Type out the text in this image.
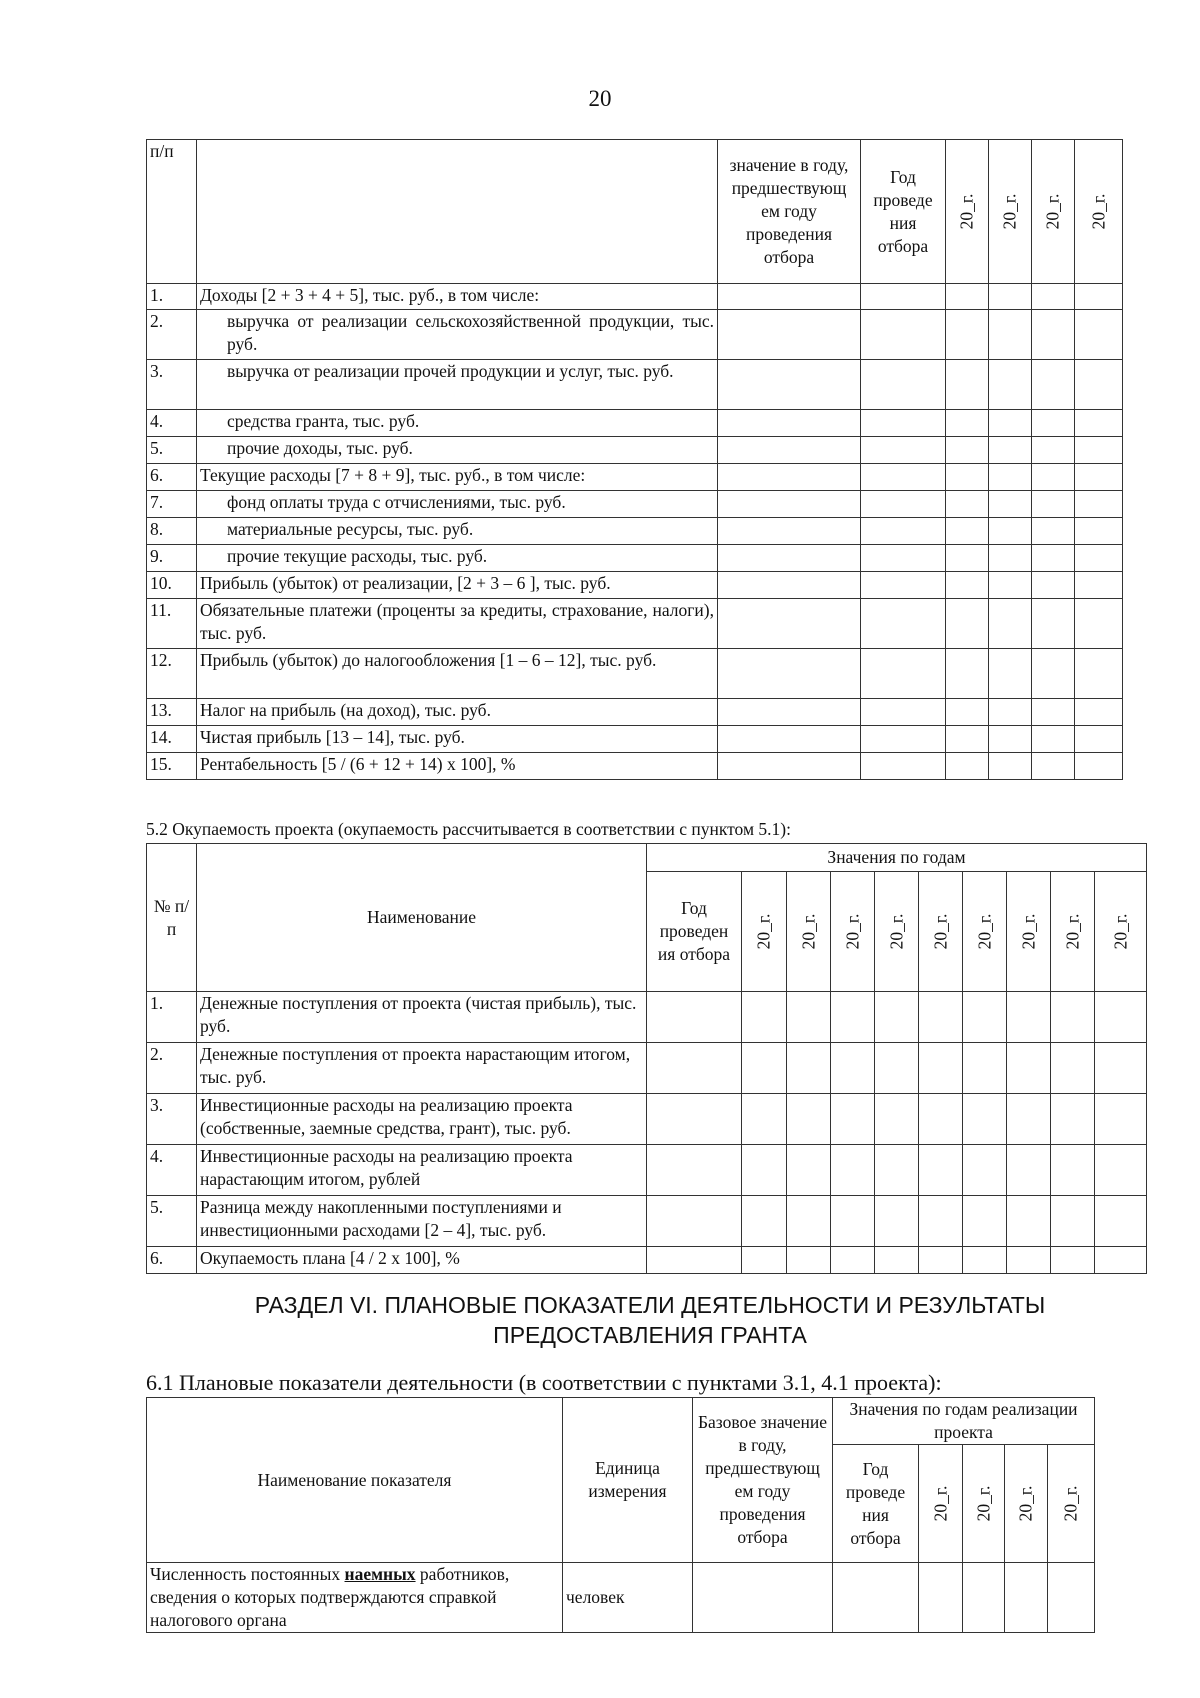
20
п/п		значение в году, предшествующ ем году проведения отбора	Год проведе ния отбора	20_г.	20_г.	20_г.	20_г.
1.	Доходы [2 + 3 + 4 + 5], тыс. руб., в том числе:						
2.	выручка от реализации сельскохозяйственной продукции, тыс. руб.						
3.	выручка от реализации прочей продукции и услуг, тыс. руб.						
4.	средства гранта, тыс. руб.						
5.	прочие доходы, тыс. руб.						
6.	Текущие расходы [7 + 8 + 9], тыс. руб., в том числе:						
7.	фонд оплаты труда с отчислениями, тыс. руб.						
8.	материальные ресурсы, тыс. руб.						
9.	прочие текущие расходы, тыс. руб.						
10.	Прибыль (убыток) от реализации, [2 + 3 – 6 ], тыс. руб.						
11.	Обязательные платежи (проценты за кредиты, страхование, налоги), тыс. руб.						
12.	Прибыль (убыток) до налогообложения [1 – 6 – 12], тыс. руб.						
13.	Налог на прибыль (на доход), тыс. руб.						
14.	Чистая прибыль [13 – 14], тыс. руб.						
15.	Рентабельность [5 / (6 + 12 + 14) х 100], %						
5.2 Окупаемость проекта (окупаемость рассчитывается в соответствии с пунктом 5.1):
№ п/п	Наименование	Значения по годам									
		Год проведен ия отбора	20_г.	20_г.	20_г.	20_г.	20_г.	20_г.	20_г.	20_г.	20_г.
1.	Денежные поступления от проекта (чистая прибыль), тыс. руб.										
2.	Денежные поступления от проекта нарастающим итогом, тыс. руб.										
3.	Инвестиционные расходы на реализацию проекта (собственные, заемные средства, грант), тыс. руб.										
4.	Инвестиционные расходы на реализацию проекта нарастающим итогом, рублей										
5.	Разница между накопленными поступлениями и инвестиционными расходами [2 – 4], тыс. руб.										
6.	Окупаемость плана [4 / 2 х 100], %										
РАЗДЕЛ VI. ПЛАНОВЫЕ ПОКАЗАТЕЛИ ДЕЯТЕЛЬНОСТИ И РЕЗУЛЬТАТЫ
ПРЕДОСТАВЛЕНИЯ ГРАНТА
6.1 Плановые показатели деятельности (в соответствии с пунктами 3.1, 4.1 проекта):
Наименование показателя	Единица измерения	Базовое значение в году, предшествующ ем году проведения отбора	Значения по годам реализации проекта				
			Год проведе ния отбора	20_г.	20_г.	20_г.	20_г.
Численность постоянных наемных работников, сведения о которых подтверждаются справкой налогового органа	человек						
